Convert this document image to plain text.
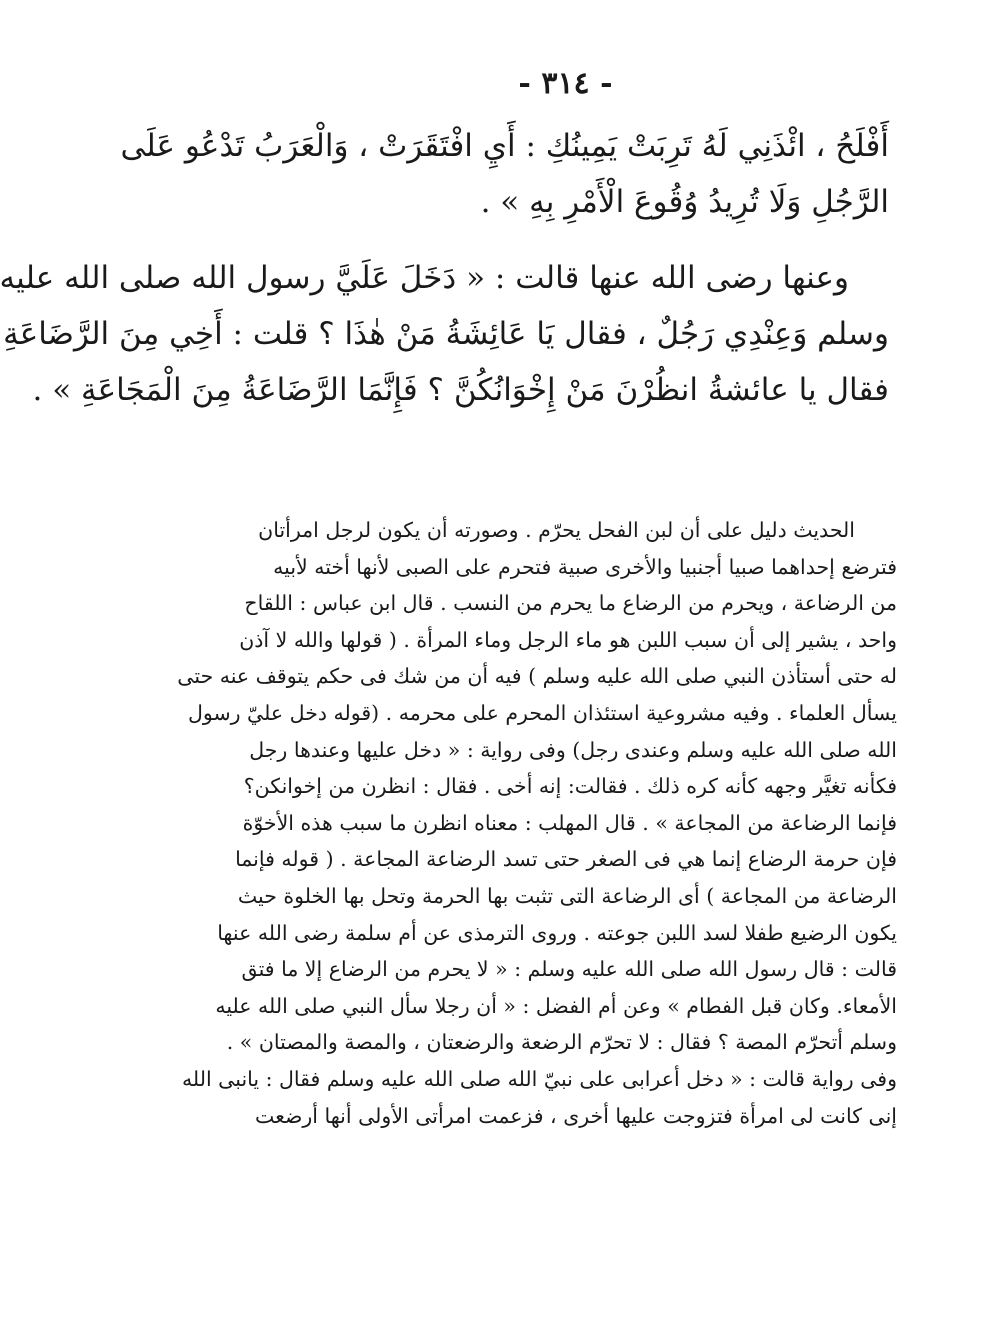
- ٣١٤ -
أَفْلَحُ ، ائْذَنِي لَهُ تَرِبَتْ يَمِينُكِ : أَيِ افْتَقَرَتْ ، وَالْعَرَبُ تَدْعُو عَلَى
الرَّجُلِ وَلَا تُرِيدُ وُقُوعَ الْأَمْرِ بِهِ » .
وعنها رضى الله عنها قالت : « دَخَلَ عَلَيَّ رسول الله صلى الله عليه
وسلم وَعِنْدِي رَجُلٌ ، فقال يَا عَائِشَةُ مَنْ هٰذَا ؟ قلت : أَخِي مِنَ الرَّضَاعَةِ
فقال يا عائشةُ انظُرْنَ مَنْ إِخْوَانُكُنَّ ؟ فَإِنَّمَا الرَّضَاعَةُ مِنَ الْمَجَاعَةِ » .
الحديث دليل على أن لبن الفحل يحرّم . وصورته أن يكون لرجل امرأتان
فترضع إحداهما صبيا أجنبيا والأخرى صبية فتحرم على الصبى لأنها أخته لأبيه
من الرضاعة ، ويحرم من الرضاع ما يحرم من النسب . قال ابن عباس : اللقاح
واحد ، يشير إلى أن سبب اللبن هو ماء الرجل وماء المرأة . ( قولها والله لا آذن
له حتى أستأذن النبي صلى الله عليه وسلم ) فيه أن من شك فى حكم يتوقف عنه حتى
يسأل العلماء . وفيه مشروعية استئذان المحرم على محرمه . (قوله دخل عليّ رسول
الله صلى الله عليه وسلم وعندى رجل) وفى رواية : « دخل عليها وعندها رجل
فكأنه تغيَّر وجهه كأنه كره ذلك . فقالت: إنه أخى . فقال : انظرن من إخوانكن؟
فإنما الرضاعة من المجاعة » . قال المهلب : معناه انظرن ما سبب هذه الأخوّة
فإن حرمة الرضاع إنما هي فى الصغر حتى تسد الرضاعة المجاعة . ( قوله فإنما
الرضاعة من المجاعة ) أى الرضاعة التى تثبت بها الحرمة وتحل بها الخلوة حيث
يكون الرضيع طفلا لسد اللبن جوعته . وروى الترمذى عن أم سلمة رضى الله عنها
قالت : قال رسول الله صلى الله عليه وسلم : « لا يحرم من الرضاع إلا ما فتق
الأمعاء. وكان قبل الفطام » وعن أم الفضل : « أن رجلا سأل النبي صلى الله عليه
وسلم أتحرّم المصة ؟ فقال : لا تحرّم الرضعة والرضعتان ، والمصة والمصتان » .
وفى رواية قالت : « دخل أعرابى على نبيّ الله صلى الله عليه وسلم فقال : يانبى الله
إنى كانت لى امرأة فتزوجت عليها أخرى ، فزعمت امرأتى الأولى أنها أرضعت
